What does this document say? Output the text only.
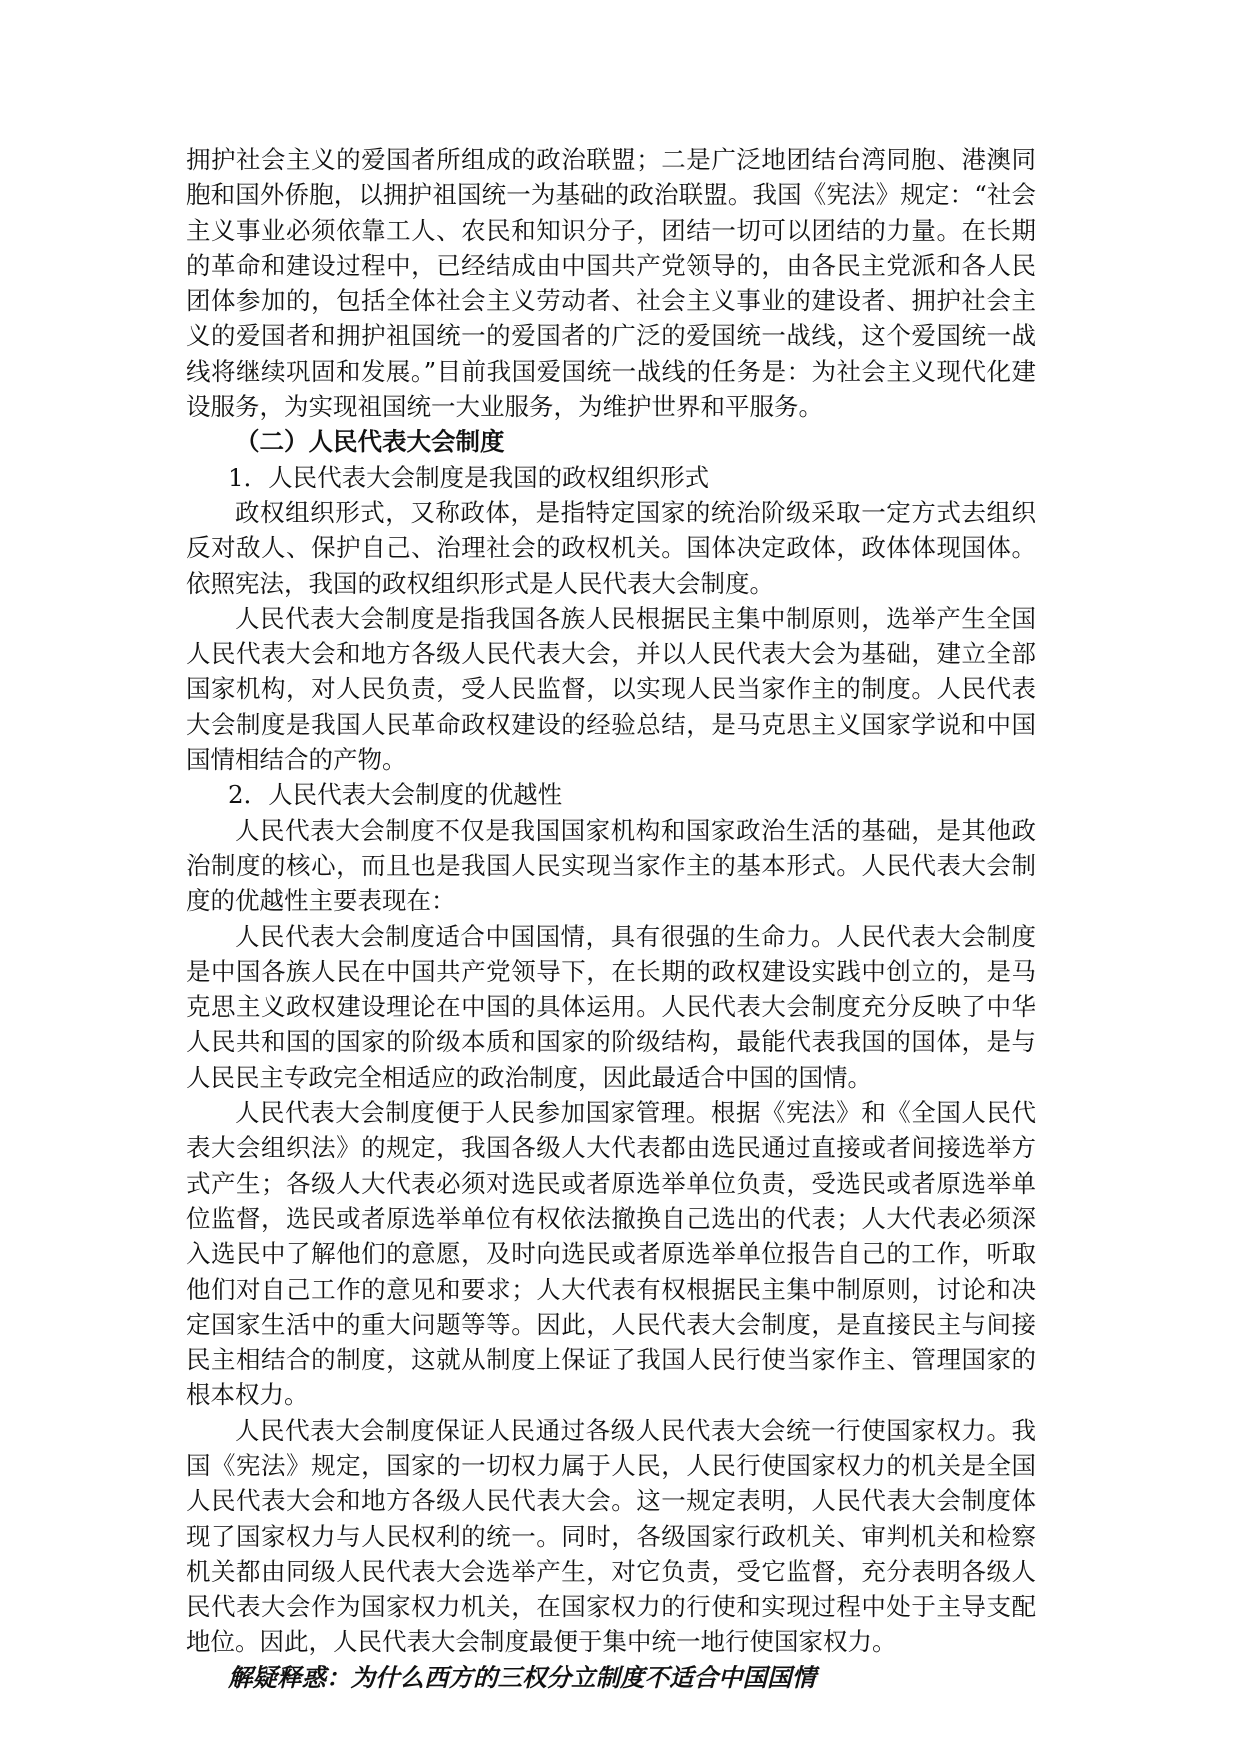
拥护社会主义的爱国者所组成的政治联盟；二是广泛地团结台湾同胞、港澳同胞和国外侨胞，以拥护祖国统一为基础的政治联盟。我国《宪法》规定：“社会主义事业必须依靠工人、农民和知识分子，团结一切可以团结的力量。在长期的革命和建设过程中，已经结成由中国共产党领导的，由各民主党派和各人民团体参加的，包括全体社会主义劳动者、社会主义事业的建设者、拥护社会主义的爱国者和拥护祖国统一的爱国者的广泛的爱国统一战线，这个爱国统一战线将继续巩固和发展。”目前我国爱国统一战线的任务是：为社会主义现代化建设服务，为实现祖国统一大业服务，为维护世界和平服务。

（二）人民代表大会制度

1．人民代表大会制度是我国的政权组织形式

政权组织形式，又称政体，是指特定国家的统治阶级采取一定方式去组织反对敌人、保护自己、治理社会的政权机关。国体决定政体，政体体现国体。依照宪法，我国的政权组织形式是人民代表大会制度。

人民代表大会制度是指我国各族人民根据民主集中制原则，选举产生全国人民代表大会和地方各级人民代表大会，并以人民代表大会为基础，建立全部国家机构，对人民负责，受人民监督，以实现人民当家作主的制度。人民代表大会制度是我国人民革命政权建设的经验总结，是马克思主义国家学说和中国国情相结合的产物。

2．人民代表大会制度的优越性

人民代表大会制度不仅是我国国家机构和国家政治生活的基础，是其他政治制度的核心，而且也是我国人民实现当家作主的基本形式。人民代表大会制度的优越性主要表现在：

人民代表大会制度适合中国国情，具有很强的生命力。人民代表大会制度是中国各族人民在中国共产党领导下，在长期的政权建设实践中创立的，是马克思主义政权建设理论在中国的具体运用。人民代表大会制度充分反映了中华人民共和国的国家的阶级本质和国家的阶级结构，最能代表我国的国体，是与人民民主专政完全相适应的政治制度，因此最适合中国的国情。

人民代表大会制度便于人民参加国家管理。根据《宪法》和《全国人民代表大会组织法》的规定，我国各级人大代表都由选民通过直接或者间接选举方式产生；各级人大代表必须对选民或者原选举单位负责，受选民或者原选举单位监督，选民或者原选举单位有权依法撤换自己选出的代表；人大代表必须深入选民中了解他们的意愿，及时向选民或者原选举单位报告自己的工作，听取他们对自己工作的意见和要求；人大代表有权根据民主集中制原则，讨论和决定国家生活中的重大问题等等。因此，人民代表大会制度，是直接民主与间接民主相结合的制度，这就从制度上保证了我国人民行使当家作主、管理国家的根本权力。

人民代表大会制度保证人民通过各级人民代表大会统一行使国家权力。我国《宪法》规定，国家的一切权力属于人民，人民行使国家权力的机关是全国人民代表大会和地方各级人民代表大会。这一规定表明，人民代表大会制度体现了国家权力与人民权利的统一。同时，各级国家行政机关、审判机关和检察机关都由同级人民代表大会选举产生，对它负责，受它监督，充分表明各级人民代表大会作为国家权力机关，在国家权力的行使和实现过程中处于主导支配地位。因此，人民代表大会制度最便于集中统一地行使国家权力。

解疑释惑：为什么西方的三权分立制度不适合中国国情
